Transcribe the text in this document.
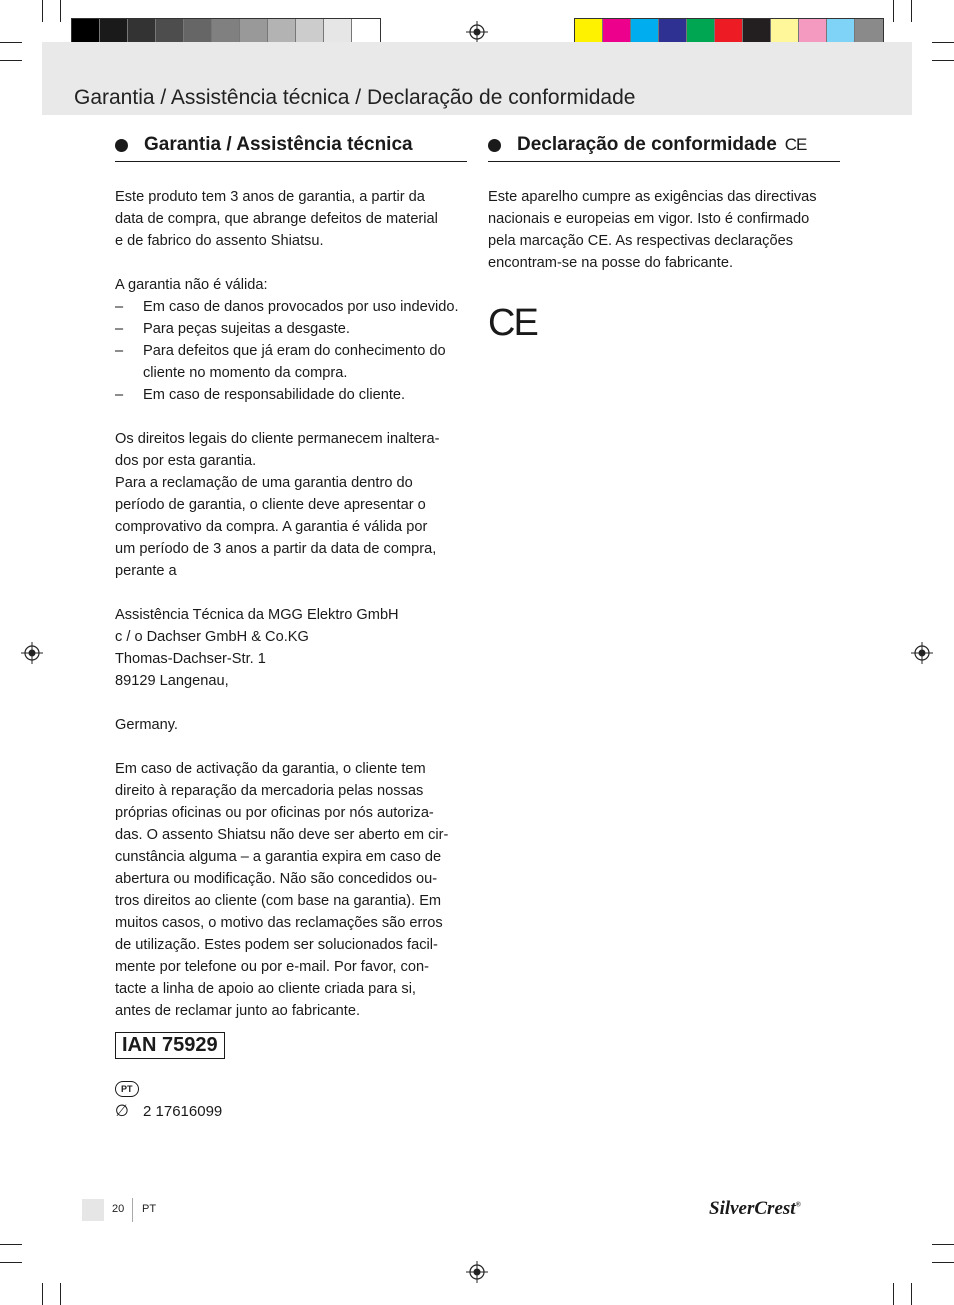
Garantia / Assistência técnica / Declaração de conformidade
Garantia / Assistência técnica
Este produto tem 3 anos de garantia, a partir da
data de compra, que abrange defeitos de material
e de fabrico do assento Shiatsu.
A garantia não é válida:
– Em caso de danos provocados por uso indevido.
– Para peças sujeitas a desgaste.
– Para defeitos que já eram do conhecimento do cliente no momento da compra.
– Em caso de responsabilidade do cliente.
Os direitos legais do cliente permanecem inaltera-
dos por esta garantia.
Para a reclamação de uma garantia dentro do
período de garantia, o cliente deve apresentar o
comprovativo da compra. A garantia é válida por
um período de 3 anos a partir da data de compra,
perante a
Assistência Técnica da MGG Elektro GmbH
c / o Dachser GmbH & Co.KG
Thomas-Dachser-Str. 1
89129 Langenau,
Germany.
Em caso de activação da garantia, o cliente tem
direito à reparação da mercadoria pelas nossas
próprias oficinas ou por oficinas por nós autoriza-
das. O assento Shiatsu não deve ser aberto em cir-
cunstância alguma – a garantia expira em caso de
abertura ou modificação. Não são concedidos ou-
tros direitos ao cliente (com base na garantia). Em
muitos casos, o motivo das reclamações são erros
de utilização. Estes podem ser solucionados facil-
mente por telefone ou por e-mail. Por favor, con-
tacte a linha de apoio ao cliente criada para si,
antes de reclamar junto ao fabricante.
IAN 75929
PT
∅ 2 17616099
Declaração de conformidade CE
Este aparelho cumpre as exigências das directivas
nacionais e europeias em vigor. Isto é confirmado
pela marcação CE. As respectivas declarações
encontram-se na posse do fabricante.
CE
20 PT	SilverCrest®
